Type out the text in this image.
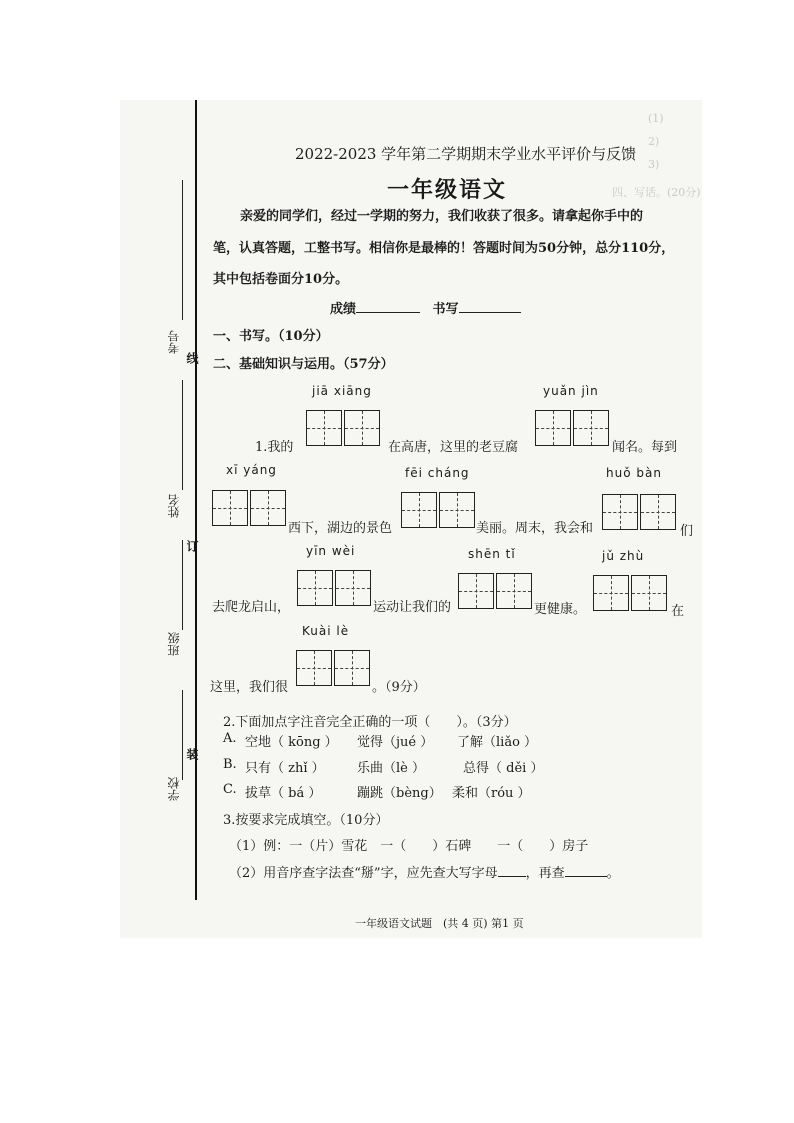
(1)
2)
3)
四、写话。(20分)
考号
姓名
班级
学校
线
订
装
2022-2023 学年第二学期期末学业水平评价与反馈
一年级语文
亲爱的同学们，经过一学期的努力，我们收获了很多。请拿起你手中的
笔，认真答题，工整书写。相信你是最棒的！答题时间为50分钟，总分110分，
其中包括卷面分10分。
成绩	书写
一、书写。（10分）
二、基础知识与运用。（57分）
jiā xiāng	yuǎn jìn
1.我的	在高唐，这里的老豆腐	闻名。每到
xī yáng	fēi cháng	huǒ bàn
西下，湖边的景色	美丽。周末，我会和	们
yīn wèi	shēn tǐ	jǔ zhù
去爬龙启山，	运动让我们的	更健康。	在
Kuài lè
这里，我们很	。（9分）
2.下面加点字注音完全正确的一项（　　）。（3分）
A. 空地（ kōng ） 觉得（jué ） 了解（liǎo ）
B. 只有（ zhǐ ） 乐曲（lè ）	总得（ děi ）
C. 拔草（ bá ）	蹦跳（bèng） 柔和（róu ）
3.按要求完成填空。（10分）
（1）例：一（片）雪花　一（　　）石碑　　一（　　）房子
（2）用音序查字法查“掰”字，应先查大写字母 ，再查	。
一年级语文试题　(共 4 页) 第1 页
